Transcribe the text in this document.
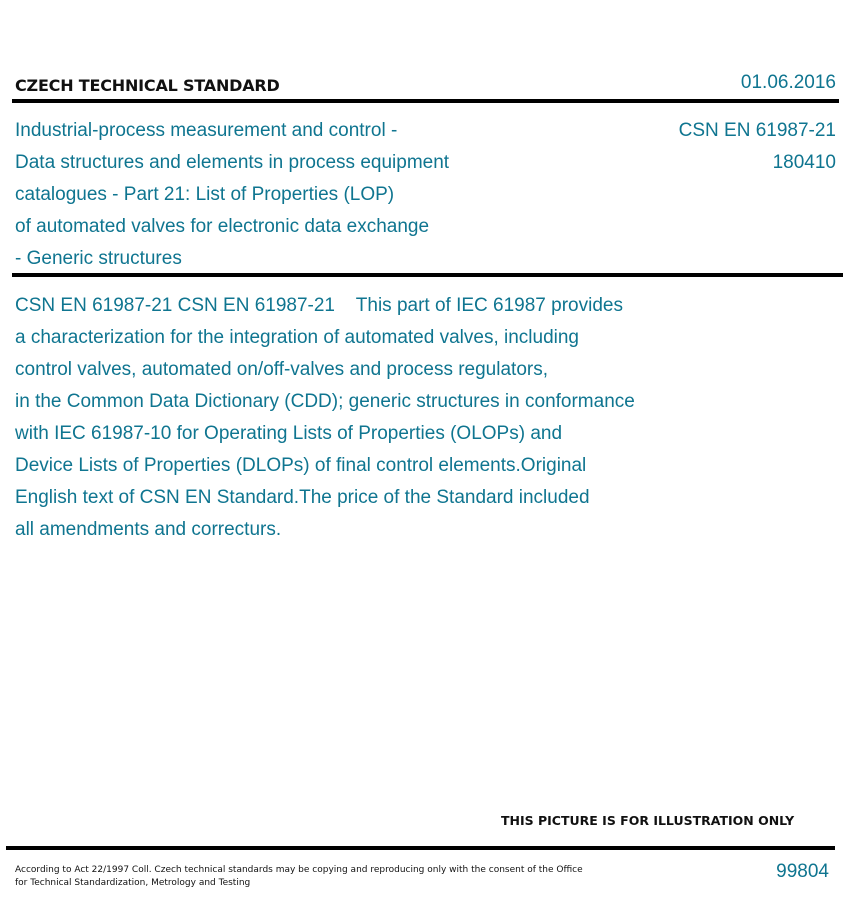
CZECH TECHNICAL STANDARD	01.06.2016
Industrial-process measurement and control -
Data structures and elements in process equipment
catalogues - Part 21: List of Properties (LOP)
of automated valves for electronic data exchange
- Generic structures
CSN EN 61987-21
180410
CSN EN 61987-21 CSN EN 61987-21    This part of IEC 61987 provides
a characterization for the integration of automated valves, including
control valves, automated on/off-valves and process regulators,
in the Common Data Dictionary (CDD); generic structures in conformance
with IEC 61987-10 for Operating Lists of Properties (OLOPs) and
Device Lists of Properties (DLOPs) of final control elements.Original
English text of CSN EN Standard.The price of the Standard included
all amendments and correcturs.
THIS PICTURE IS FOR ILLUSTRATION ONLY
According to Act 22/1997 Coll. Czech technical standards may be copying and reproducing only with the consent of the Office
for Technical Standardization, Metrology and Testing
99804
